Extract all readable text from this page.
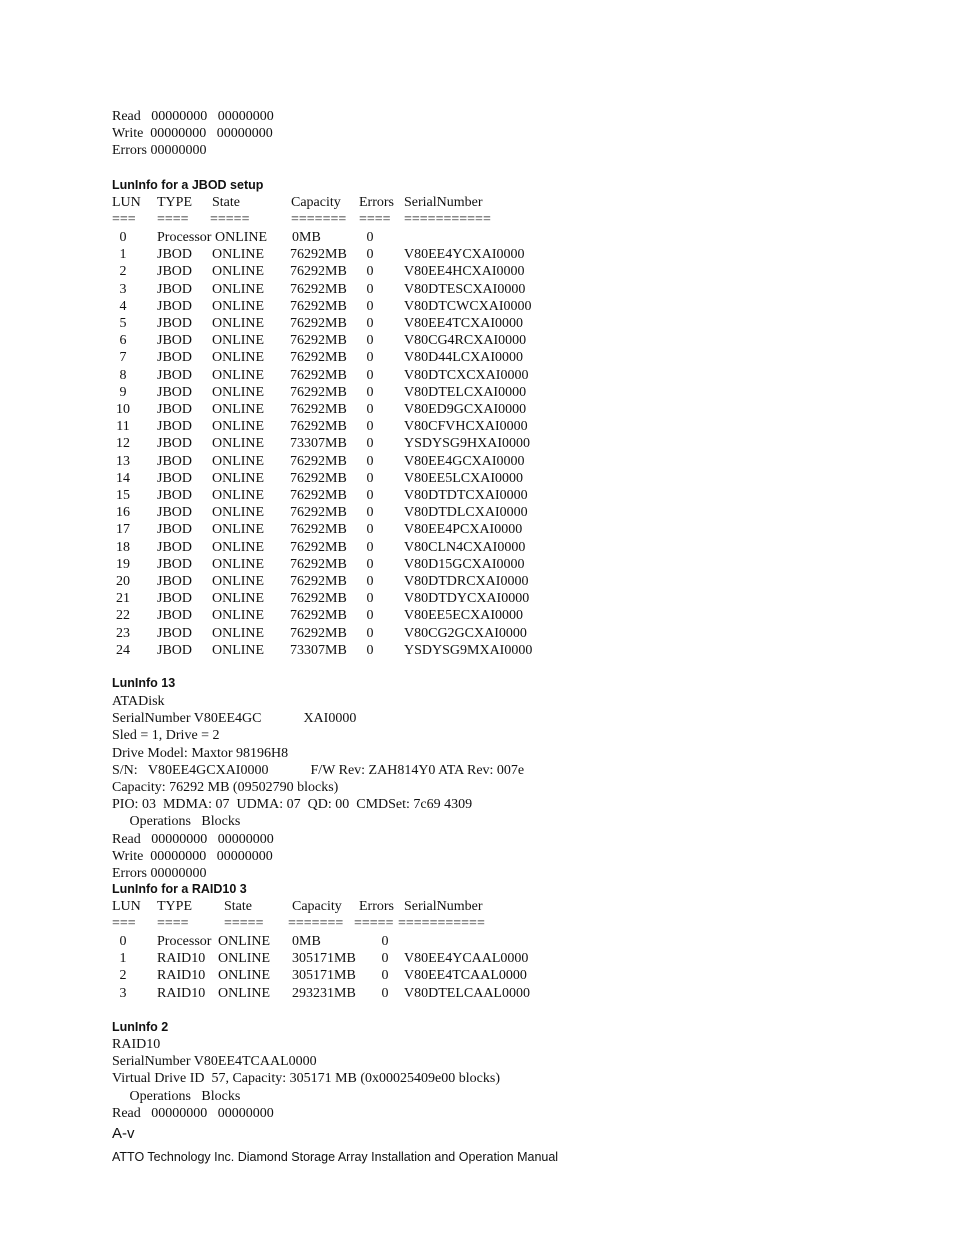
Read   00000000   00000000
Write  00000000   00000000
Errors 00000000
LunInfo for a JBOD setup
LUN TYPE State	Capacity Errors SerialNumber
=== ==== =====	======= ==== ===========
0	Processor ONLINE 0MB	0
1	JBOD ONLINE 76292MB	0	V80EE4YCXAI0000
2	JBOD ONLINE 76292MB	0	V80EE4HCXAI0000
3	JBOD ONLINE 76292MB	0	V80DTESCXAI0000
4	JBOD ONLINE 76292MB	0	V80DTCWCXAI0000
5	JBOD ONLINE 76292MB	0	V80EE4TCXAI0000
6	JBOD ONLINE 76292MB	0	V80CG4RCXAI0000
7	JBOD ONLINE 76292MB	0	V80D44LCXAI0000
8	JBOD ONLINE 76292MB	0	V80DTCXCXAI0000
9	JBOD ONLINE 76292MB	0	V80DTELCXAI0000
10	JBOD ONLINE 76292MB	0	V80ED9GCXAI0000
11	JBOD ONLINE 76292MB	0	V80CFVHCXAI0000
12	JBOD ONLINE 73307MB	0	YSDYSG9HXAI0000
13	JBOD ONLINE 76292MB	0	V80EE4GCXAI0000
14	JBOD ONLINE 76292MB	0	V80EE5LCXAI0000
15	JBOD ONLINE 76292MB	0	V80DTDTCXAI0000
16	JBOD ONLINE 76292MB	0	V80DTDLCXAI0000
17	JBOD ONLINE 76292MB	0	V80EE4PCXAI0000
18	JBOD ONLINE 76292MB	0	V80CLN4CXAI0000
19	JBOD ONLINE 76292MB	0	V80D15GCXAI0000
20	JBOD ONLINE 76292MB	0	V80DTDRCXAI0000
21	JBOD ONLINE 76292MB	0	V80DTDYCXAI0000
22	JBOD ONLINE 76292MB	0	V80EE5ECXAI0000
23	JBOD ONLINE 76292MB	0	V80CG2GCXAI0000
24	JBOD ONLINE 73307MB	0	YSDYSG9MXAI0000
LunInfo 13
ATADisk
SerialNumber V80EE4GC            XAI0000
Sled = 1, Drive = 2
Drive Model: Maxtor 98196H8
S/N:   V80EE4GCXAI0000            F/W Rev: ZAH814Y0 ATA Rev: 007e
Capacity: 76292 MB (09502790 blocks)
PIO: 03  MDMA: 07  UDMA: 07  QD: 00  CMDSet: 7c69 4309
Operations   Blocks
Read   00000000   00000000
Write  00000000   00000000
Errors 00000000
LunInfo for a RAID10 3
LUN TYPE State	Capacity Errors SerialNumber
=== ====	===== ======= ===== ===========
0	Processor ONLINE 0MB	0
1	RAID10 ONLINE 305171MB	0	V80EE4YCAAL0000
2	RAID10 ONLINE 305171MB	0	V80EE4TCAAL0000
3	RAID10 ONLINE 293231MB	0	V80DTELCAAL0000
LunInfo 2
RAID10
SerialNumber V80EE4TCAAL0000
Virtual Drive ID  57, Capacity: 305171 MB (0x00025409e00 blocks)
Operations   Blocks
Read   00000000   00000000
A-v
ATTO Technology Inc. Diamond Storage Array Installation and Operation Manual
